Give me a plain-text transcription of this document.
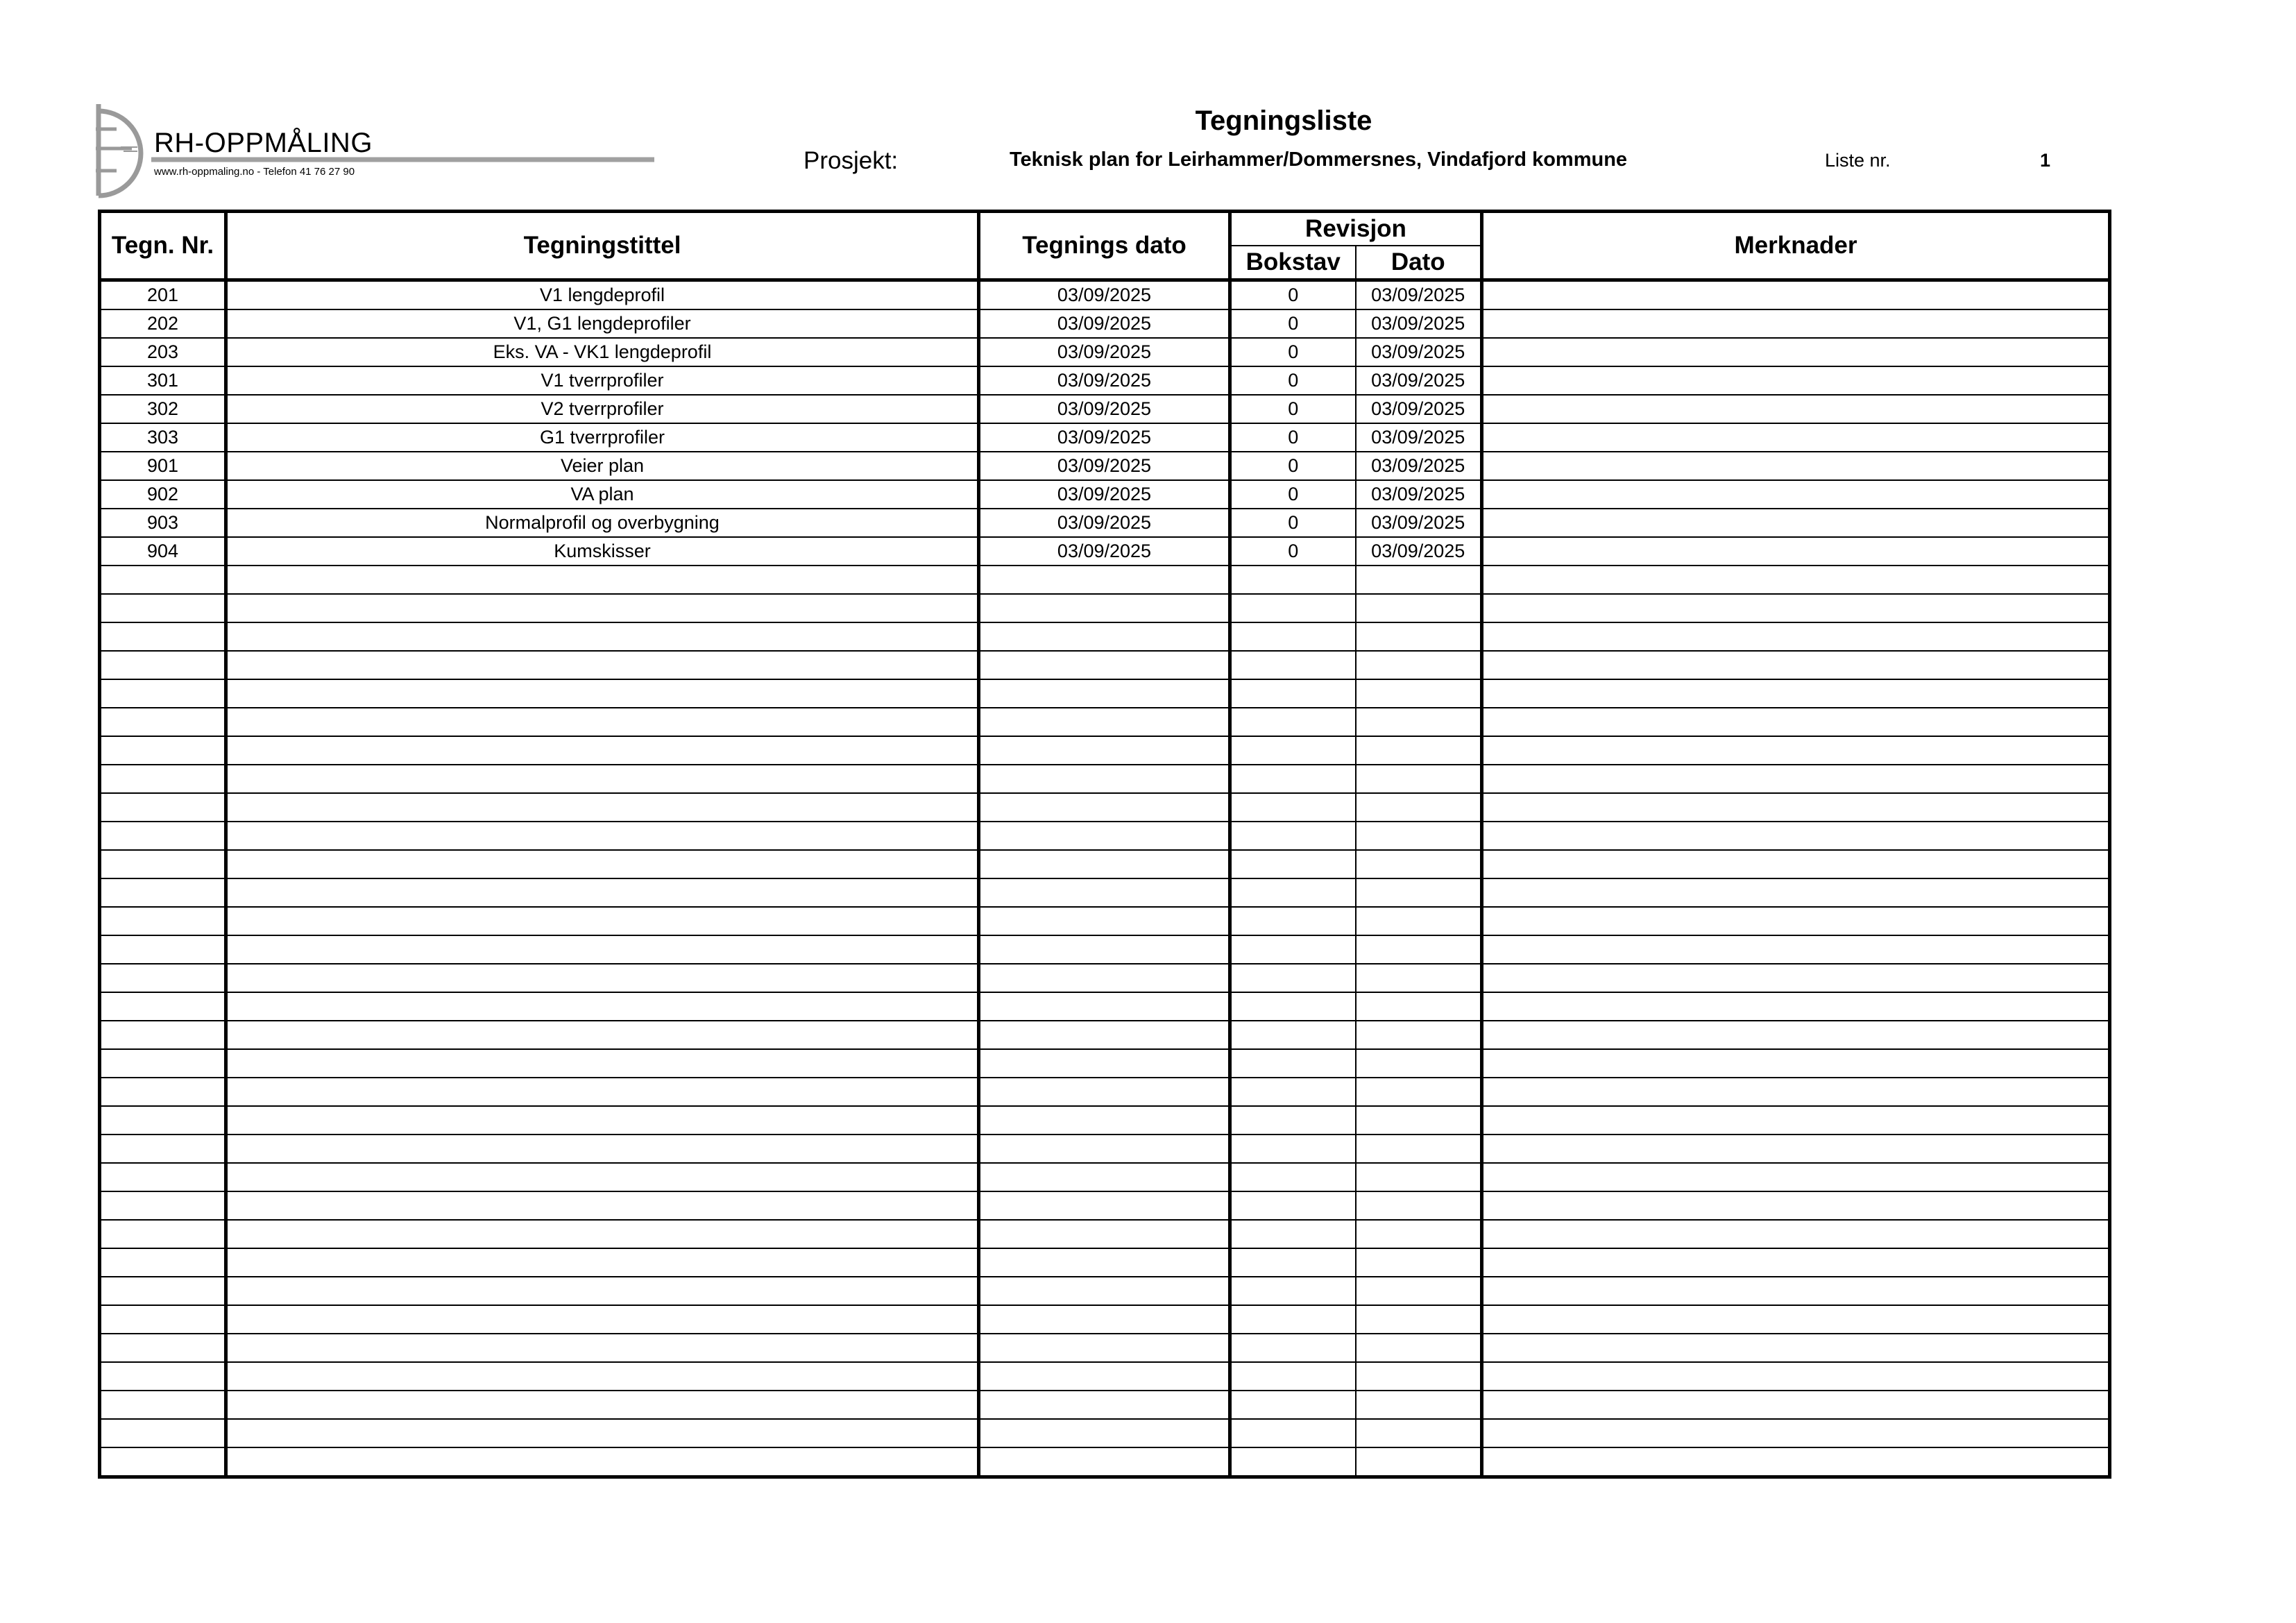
RH-OPPMÅLING
www.rh-oppmaling.no - Telefon 41 76 27 90
Tegningsliste
Prosjekt:	Teknisk plan for Leirhammer/Dommersnes, Vindafjord kommune	Liste nr.	1
Tegn. Nr.	Tegningstittel	Tegnings dato	Revisjon		Merknader
			Bokstav	Dato	
201	V1 lengdeprofil	03/09/2025	0	03/09/2025	
202	V1, G1 lengdeprofiler	03/09/2025	0	03/09/2025	
203	Eks. VA - VK1 lengdeprofil	03/09/2025	0	03/09/2025	
301	V1 tverrprofiler	03/09/2025	0	03/09/2025	
302	V2 tverrprofiler	03/09/2025	0	03/09/2025	
303	G1 tverrprofiler	03/09/2025	0	03/09/2025	
901	Veier plan	03/09/2025	0	03/09/2025	
902	VA plan	03/09/2025	0	03/09/2025	
903	Normalprofil og overbygning	03/09/2025	0	03/09/2025	
904	Kumskisser	03/09/2025	0	03/09/2025	
